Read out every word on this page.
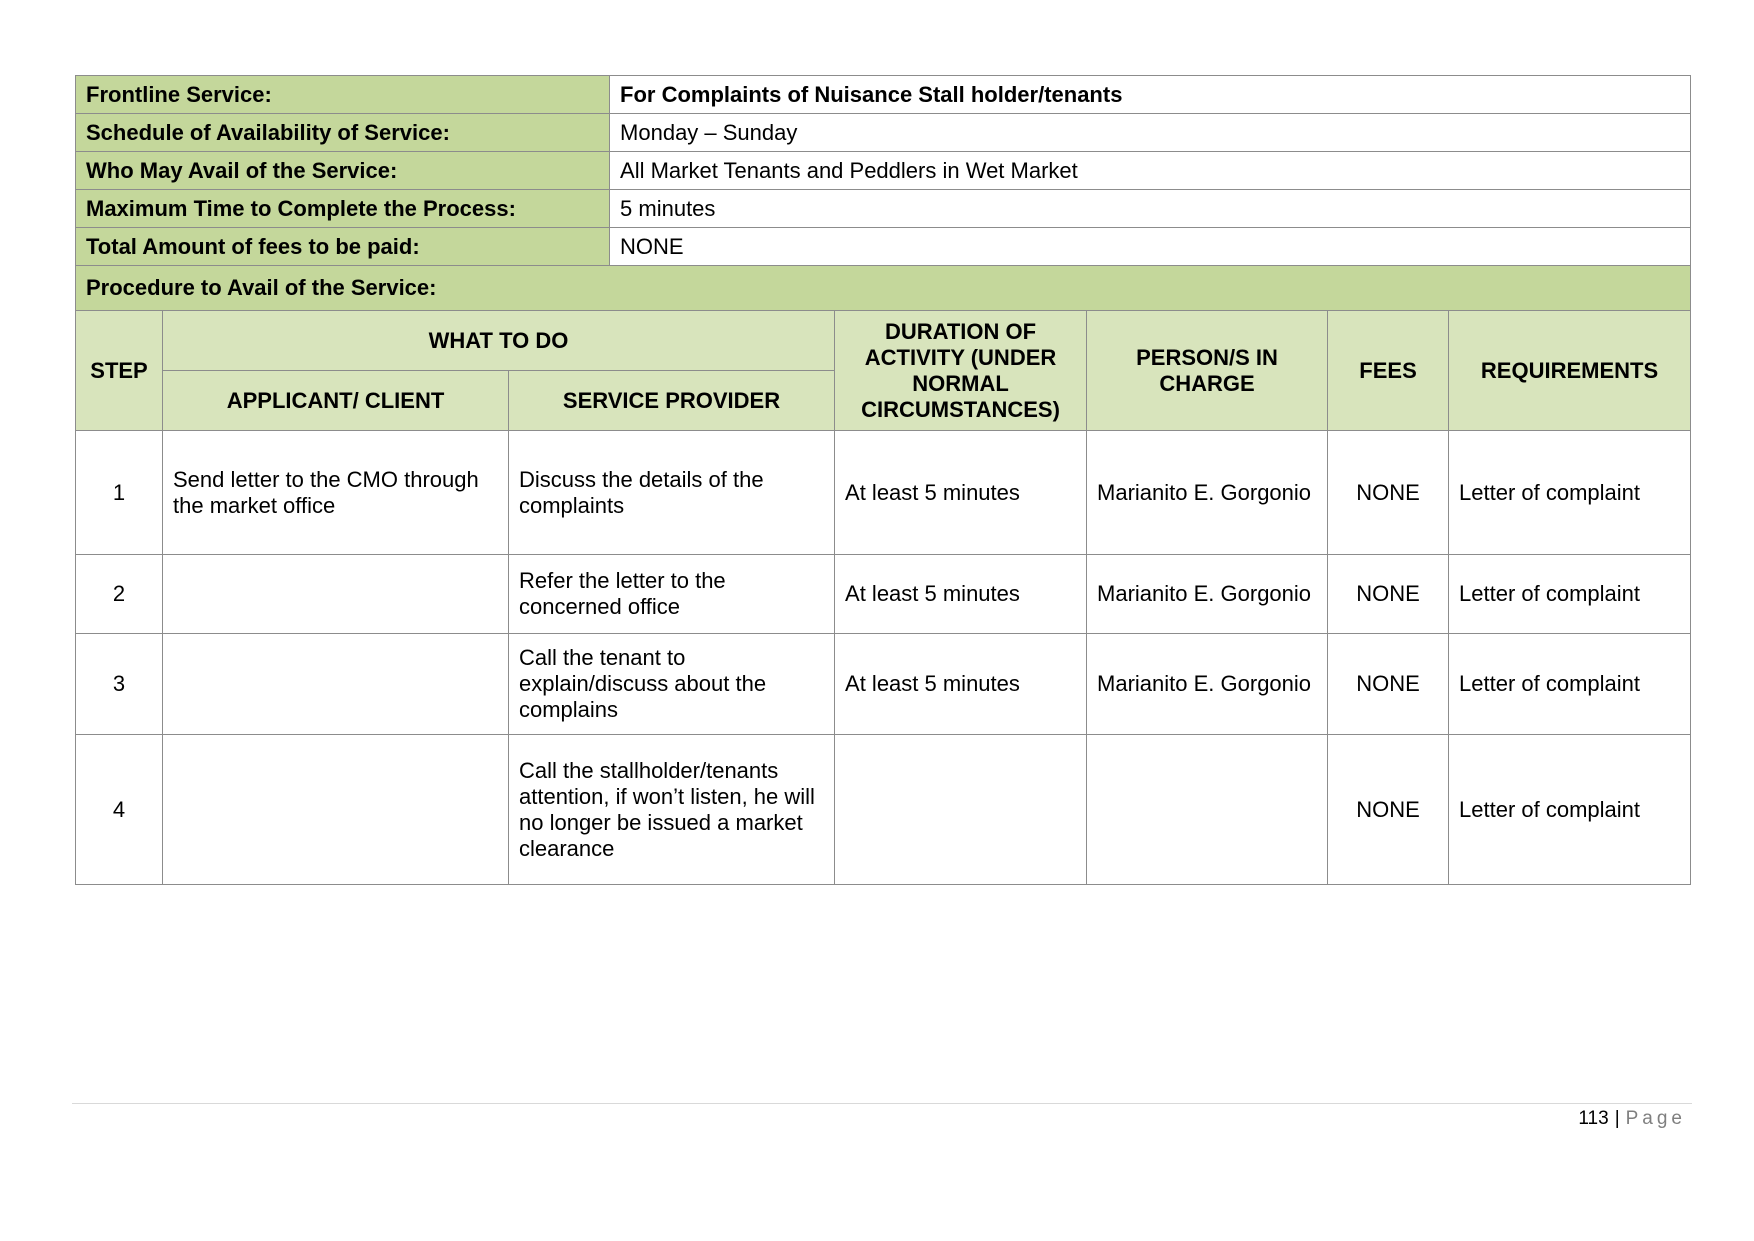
Frontline Service:			For Complaints of Nuisance Stall holder/tenants				
Schedule of Availability of Service:			Monday – Sunday				
Who May Avail of the Service:			All Market Tenants and Peddlers in Wet Market				
Maximum Time to Complete the Process:			5 minutes				
Total Amount of fees to be paid:			NONE				
Procedure to Avail of the Service:							
STEP	WHAT TO DO			DURATION OF ACTIVITY (UNDER NORMAL CIRCUMSTANCES)	PERSON/S IN CHARGE	FEES	REQUIREMENTS
	APPLICANT/ CLIENT	SERVICE PROVIDER					
1	Send letter to the CMO through the market office	Discuss the details of the complaints		At least 5 minutes	Marianito E. Gorgonio	NONE	Letter of complaint
2		Refer the letter to the concerned office		At least 5 minutes	Marianito E. Gorgonio	NONE	Letter of complaint
3		Call the tenant to explain/discuss about the complains		At least 5 minutes	Marianito E. Gorgonio	NONE	Letter of complaint
4		Call the stallholder/tenants attention, if won’t listen, he will no longer be issued a market clearance				NONE	Letter of complaint
113 | Page
